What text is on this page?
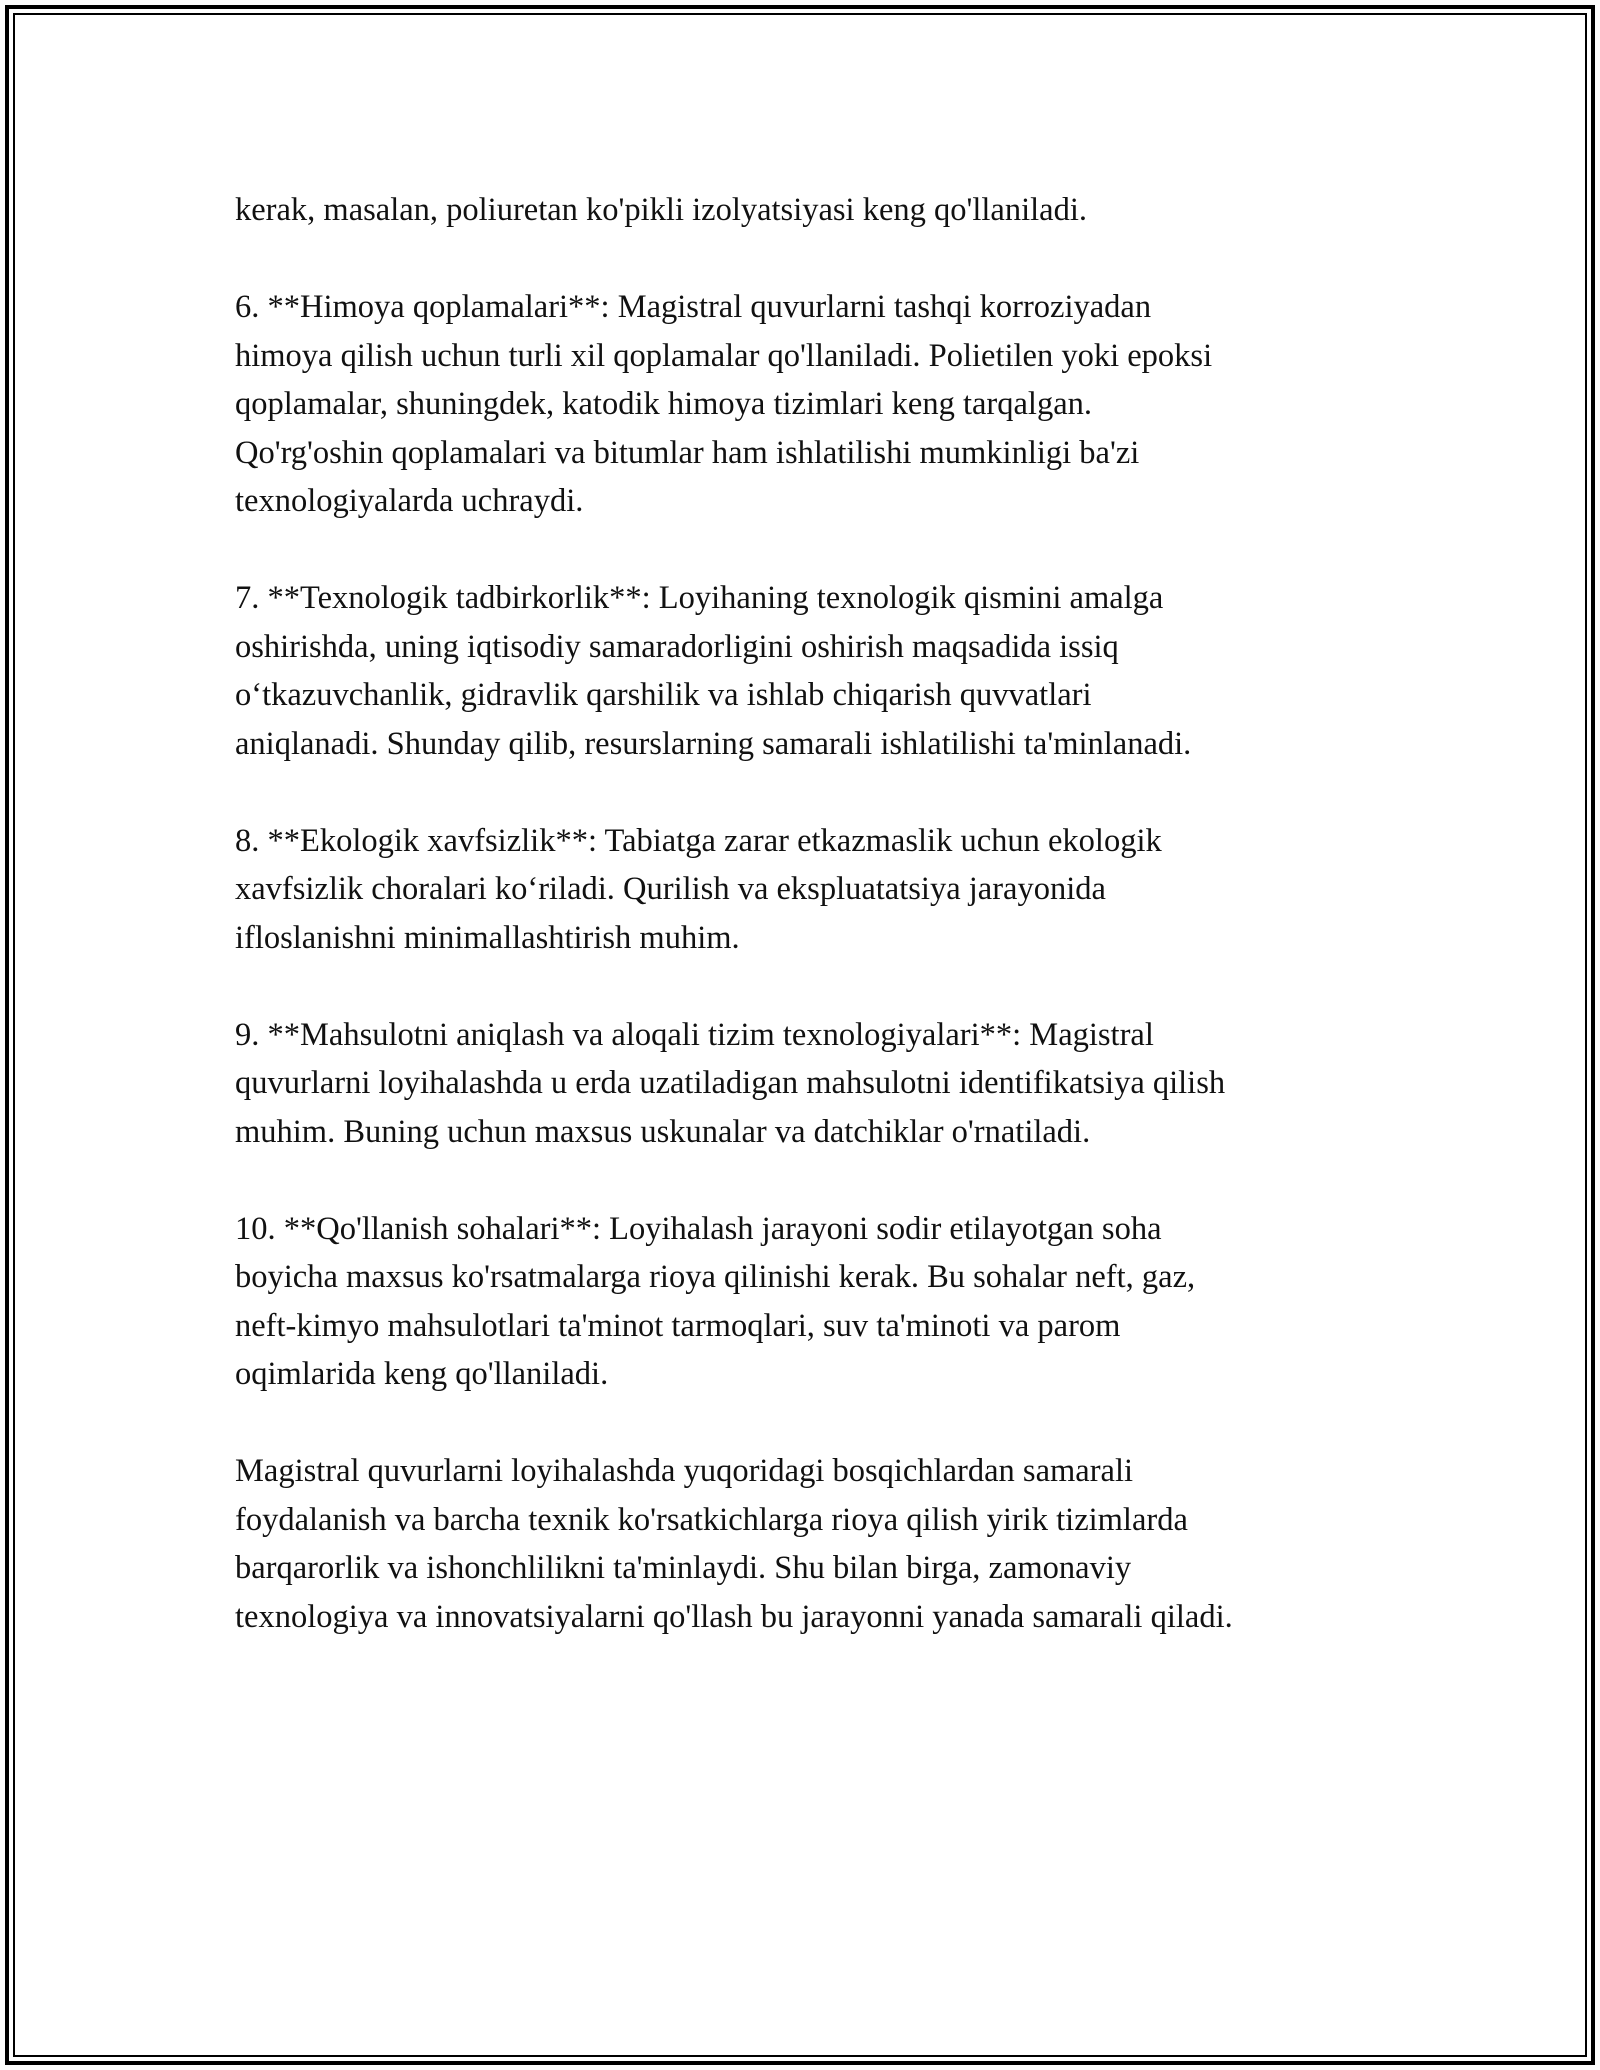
kerak, masalan, poliuretan ko'pikli izolyatsiyasi keng qo'llaniladi.

6. **Himoya qoplamalari**: Magistral quvurlarni tashqi korroziyadan
himoya qilish uchun turli xil qoplamalar qo'llaniladi. Polietilen yoki epoksi
qoplamalar, shuningdek, katodik himoya tizimlari keng tarqalgan.
Qo'rg'oshin qoplamalari va bitumlar ham ishlatilishi mumkinligi ba'zi
texnologiyalarda uchraydi.

7. **Texnologik tadbirkorlik**: Loyihaning texnologik qismini amalga
oshirishda, uning iqtisodiy samaradorligini oshirish maqsadida issiq
o‘tkazuvchanlik, gidravlik qarshilik va ishlab chiqarish quvvatlari
aniqlanadi. Shunday qilib, resurslarning samarali ishlatilishi ta'minlanadi.

8. **Ekologik xavfsizlik**: Tabiatga zarar etkazmaslik uchun ekologik
xavfsizlik choralari ko‘riladi. Qurilish va ekspluatatsiya jarayonida
ifloslanishni minimallashtirish muhim.

9. **Mahsulotni aniqlash va aloqali tizim texnologiyalari**: Magistral
quvurlarni loyihalashda u erda uzatiladigan mahsulotni identifikatsiya qilish
muhim. Buning uchun maxsus uskunalar va datchiklar o'rnatiladi.

10. **Qo'llanish sohalari**: Loyihalash jarayoni sodir etilayotgan soha
boyicha maxsus ko'rsatmalarga rioya qilinishi kerak. Bu sohalar neft, gaz,
neft-kimyo mahsulotlari ta'minot tarmoqlari, suv ta'minoti va parom
oqimlarida keng qo'llaniladi.

Magistral quvurlarni loyihalashda yuqoridagi bosqichlardan samarali
foydalanish va barcha texnik ko'rsatkichlarga rioya qilish yirik tizimlarda
barqarorlik va ishonchlilikni ta'minlaydi. Shu bilan birga, zamonaviy
texnologiya va innovatsiyalarni qo'llash bu jarayonni yanada samarali qiladi.
